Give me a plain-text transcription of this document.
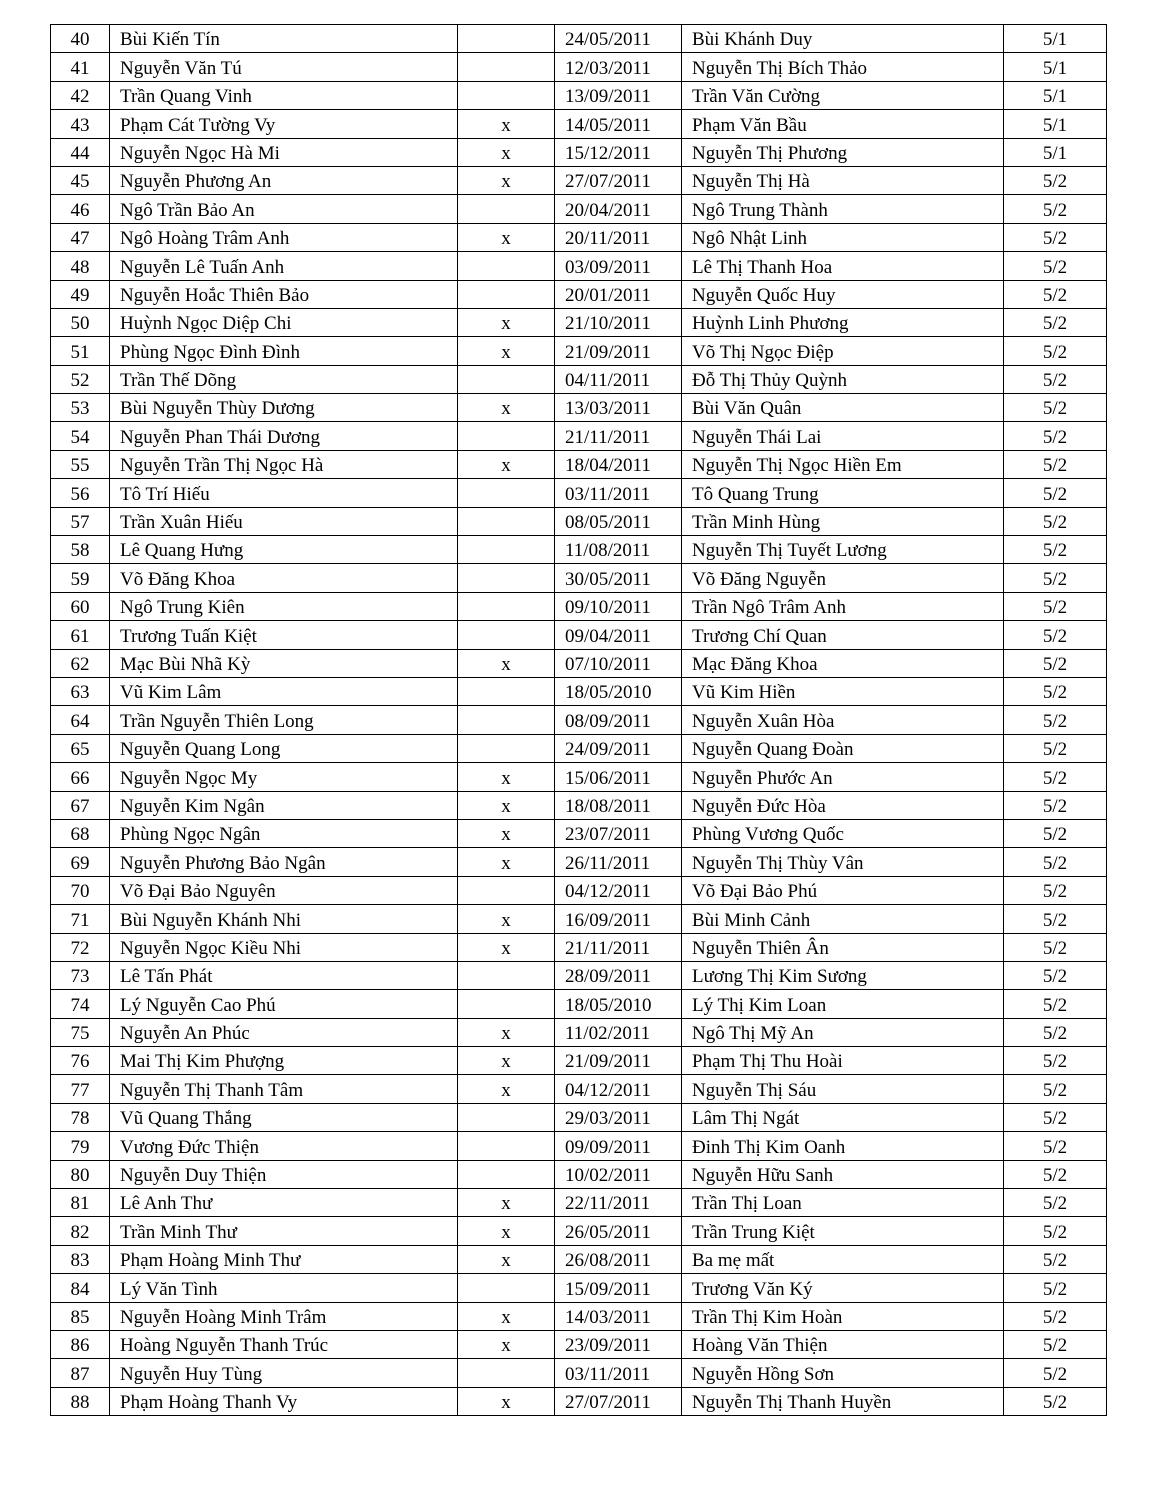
40	Bùi Kiến Tín		24/05/2011	Bùi Khánh Duy	5/1

41	Nguyễn Văn Tú		12/03/2011	Nguyễn Thị Bích Thảo	5/1

42	Trần Quang Vinh		13/09/2011	Trần Văn Cường	5/1

43	Phạm Cát Tường Vy	x	14/05/2011	Phạm Văn Bầu	5/1

44	Nguyễn Ngọc Hà Mi	x	15/12/2011	Nguyễn Thị Phương	5/1

45	Nguyễn Phương An	x	27/07/2011	Nguyễn Thị Hà	5/2

46	Ngô Trần Bảo An		20/04/2011	Ngô Trung Thành	5/2

47	Ngô Hoàng Trâm Anh	x	20/11/2011	Ngô Nhật Linh	5/2

48	Nguyễn Lê Tuấn Anh		03/09/2011	Lê Thị Thanh Hoa	5/2

49	Nguyễn Hoắc Thiên Bảo		20/01/2011	Nguyễn Quốc Huy	5/2

50	Huỳnh Ngọc Diệp Chi	x	21/10/2011	Huỳnh Linh Phương	5/2

51	Phùng Ngọc Đình Đình	x	21/09/2011	Võ Thị Ngọc Điệp	5/2

52	Trần Thế Dõng		04/11/2011	Đỗ Thị Thủy Quỳnh	5/2

53	Bùi Nguyễn Thùy Dương	x	13/03/2011	Bùi Văn Quân	5/2

54	Nguyễn Phan Thái Dương		21/11/2011	Nguyễn Thái Lai	5/2

55	Nguyễn Trần Thị Ngọc Hà	x	18/04/2011	Nguyễn Thị Ngọc Hiền Em	5/2

56	Tô Trí Hiếu		03/11/2011	Tô Quang Trung	5/2

57	Trần Xuân Hiếu		08/05/2011	Trần Minh Hùng	5/2

58	Lê Quang Hưng		11/08/2011	Nguyễn Thị Tuyết Lương	5/2

59	Võ Đăng Khoa		30/05/2011	Võ Đăng Nguyễn	5/2

60	Ngô Trung Kiên		09/10/2011	Trần Ngô Trâm Anh	5/2

61	Trương Tuấn Kiệt		09/04/2011	Trương Chí Quan	5/2

62	Mạc Bùi Nhã Kỳ	x	07/10/2011	Mạc Đăng Khoa	5/2

63	Vũ Kim Lâm		18/05/2010	Vũ Kim Hiền	5/2

64	Trần Nguyễn Thiên Long		08/09/2011	Nguyễn Xuân Hòa	5/2

65	Nguyễn Quang Long		24/09/2011	Nguyễn Quang Đoàn	5/2

66	Nguyễn Ngọc My	x	15/06/2011	Nguyễn Phước An	5/2

67	Nguyễn Kim Ngân	x	18/08/2011	Nguyễn Đức Hòa	5/2

68	Phùng Ngọc Ngân	x	23/07/2011	Phùng Vương Quốc	5/2

69	Nguyễn Phương Bảo Ngân	x	26/11/2011	Nguyễn Thị Thùy Vân	5/2

70	Võ Đại Bảo Nguyên		04/12/2011	Võ Đại Bảo Phú	5/2

71	Bùi Nguyễn Khánh Nhi	x	16/09/2011	Bùi Minh Cảnh	5/2

72	Nguyễn Ngọc Kiều Nhi	x	21/11/2011	Nguyễn Thiên Ân	5/2

73	Lê Tấn Phát		28/09/2011	Lương Thị Kim Sương	5/2

74	Lý Nguyễn Cao Phú		18/05/2010	Lý Thị Kim Loan	5/2

75	Nguyễn An Phúc	x	11/02/2011	Ngô Thị Mỹ An	5/2

76	Mai Thị Kim Phượng	x	21/09/2011	Phạm Thị Thu Hoài	5/2

77	Nguyễn Thị Thanh Tâm	x	04/12/2011	Nguyễn Thị Sáu	5/2

78	Vũ Quang Thắng		29/03/2011	Lâm Thị Ngát	5/2

79	Vương Đức Thiện		09/09/2011	Đinh Thị Kim Oanh	5/2

80	Nguyễn Duy Thiện		10/02/2011	Nguyễn Hữu Sanh	5/2

81	Lê Anh Thư	x	22/11/2011	Trần Thị Loan	5/2

82	Trần Minh Thư	x	26/05/2011	Trần Trung Kiệt	5/2

83	Phạm Hoàng Minh Thư	x	26/08/2011	Ba mẹ mất	5/2

84	Lý Văn Tình		15/09/2011	Trương Văn Ký	5/2

85	Nguyễn Hoàng Minh Trâm	x	14/03/2011	Trần Thị Kim Hoàn	5/2

86	Hoàng Nguyễn Thanh Trúc	x	23/09/2011	Hoàng Văn Thiện	5/2

87	Nguyễn Huy Tùng		03/11/2011	Nguyễn Hồng Sơn	5/2

88	Phạm Hoàng Thanh Vy	x	27/07/2011	Nguyễn Thị Thanh Huyền	5/2
